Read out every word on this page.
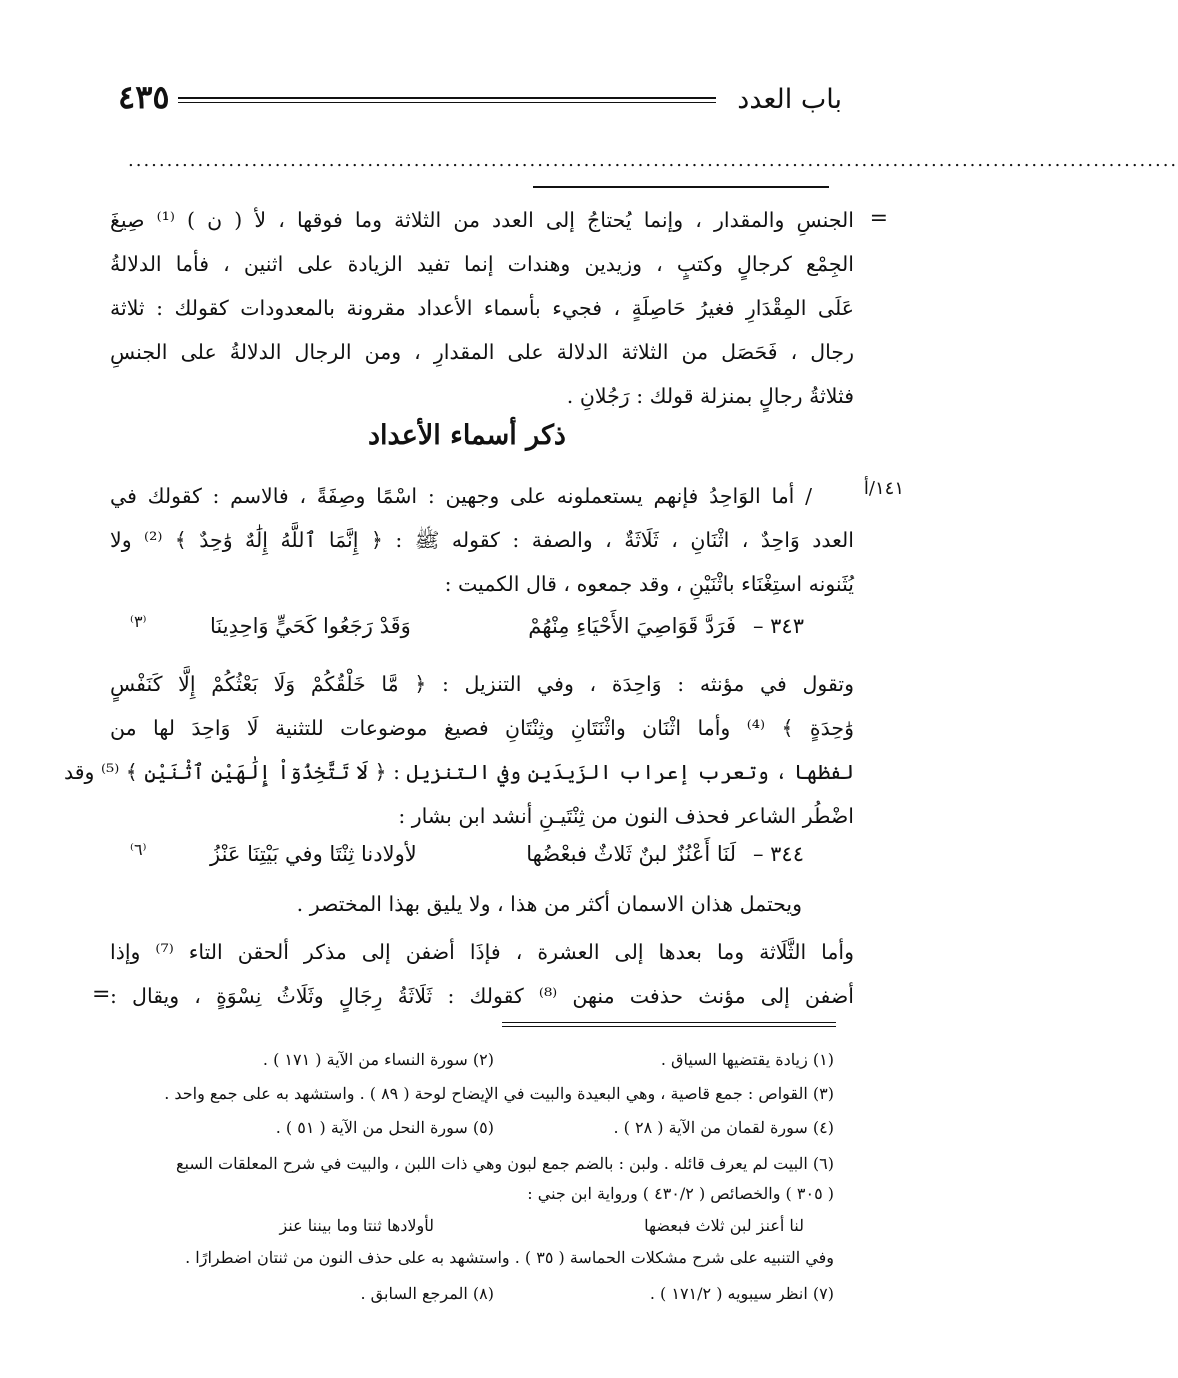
باب العدد
٤٣٥
........................................................................................................................................
=
الجنسِ والمقدار ، وإنما يُحتاجُ إلى العدد من الثلاثة وما فوقها ، لأ ( ن ) ⁽¹⁾ صِيغَ
الجِمْع كرجالٍ وكتبٍ ، وزيدين وهندات إنما تفيد الزيادة على اثنين ، فأما الدلالةُ
عَلَى المِقْدَارِ فغيرُ حَاصِلَةٍ ، فجيء بأسماء الأعداد مقرونة بالمعدودات كقولك : ثلاثة
رجال ، فَحَصَل من الثلاثة الدلالة على المقدارِ ، ومن الرجال الدلالةُ على الجنسِ
فثلاثةُ رجالٍ بمنزلة قولك : رَجُلانِ .
ذكر أسماء الأعداد
١٤١/أ
/ أما الوَاحِدُ فإنهم يستعملونه على وجهين : اسْمًا وصِفَةً ، فالاسم : كقولك في
العدد وَاحِدٌ ، اثْنَانِ ، ثَلَاثَةٌ ، والصفة : كقوله ﷺ : ﴿ إِنَّمَا ٱللَّهُ إِلَٰهٌ وَٰحِدٌ ﴾ ⁽²⁾ ولا
يُثَنونه استِغْنَاء باثْنَيْنِ ، وقد جمعوه ، قال الكميت :
٣٤٣ –
فَرَدَّ قَوَاصِيَ الأَحْيَاءِ مِنْهُمْ
وَقَدْ رَجَعُوا كَحَيٍّ وَاحِدِينَا
⁽٣⁾
وتقول في مؤنثه : وَاحِدَة ، وفي التنزيل : ﴿ مَّا خَلْقُكُمْ وَلَا بَعْثُكُمْ إِلَّا كَنَفْسٍ
وَٰحِدَةٍ ﴾ ⁽⁴⁾ وأما اثْنَان واثْنَتَانِ وثِنْتَانِ فصيغ موضوعات للتثنية لَا وَاحِدَ لها من
لفظها ، وتعرب إعراب الزَيدَينِ وفي التنزيل : ﴿ لَا تَتَّخِذُوٓاْ إِلَٰهَيْنِ ٱثْنَيْنِ ﴾ ⁽⁵⁾ وقد
اضْطُر الشاعر فحذف النون من ثِنْتَيـنِ أنشد ابن بشار :
٣٤٤ –
لَنَا أَعْنُزٌ لبنٌ ثَلاثٌ فبعْضُها
لأولادنا ثِنْتَا وفي بَيْتِنَا عَنْزُ
⁽٦⁾
ويحتمل هذان الاسمان أكثر من هذا ، ولا يليق بهذا المختصر .
وأما الثَّلَاثة وما بعدها إلى العشرة ، فإذَا أضفن إلى مذكر ألحقن التاء ⁽⁷⁾ وإذا
أضفن إلى مؤنث حذفت منهن ⁽⁸⁾ كقولك : ثَلَاثَةُ رِجَالٍ وثَلَاثُ نِسْوَةٍ ، ويقال :
=
(١) زيادة يقتضيها السياق .
(٢) سورة النساء من الآية ( ١٧١ ) .
(٣) القواص : جمع قاصية ، وهي البعيدة والبيت في الإيضاح لوحة ( ٨٩ ) . واستشهد به على جمع واحد .
(٤) سورة لقمان من الآية ( ٢٨ ) .
(٥) سورة النحل من الآية ( ٥١ ) .
(٦) البيت لم يعرف قائله . ولبن : بالضم جمع لبون وهي ذات اللبن ، والبيت في شرح المعلقات السبع
( ٣٠٥ ) والخصائص ( ٤٣٠/٢ ) ورواية ابن جني :
لنا أعنز لبن ثلاث فبعضها
لأولادها ثنتا وما بيننا عنز
وفي التنبيه على شرح مشكلات الحماسة ( ٣٥ ) . واستشهد به على حذف النون من ثنتان اضطرارًا .
(٧) انظر سيبويه ( ١٧١/٢ ) .
(٨) المرجع السابق .
